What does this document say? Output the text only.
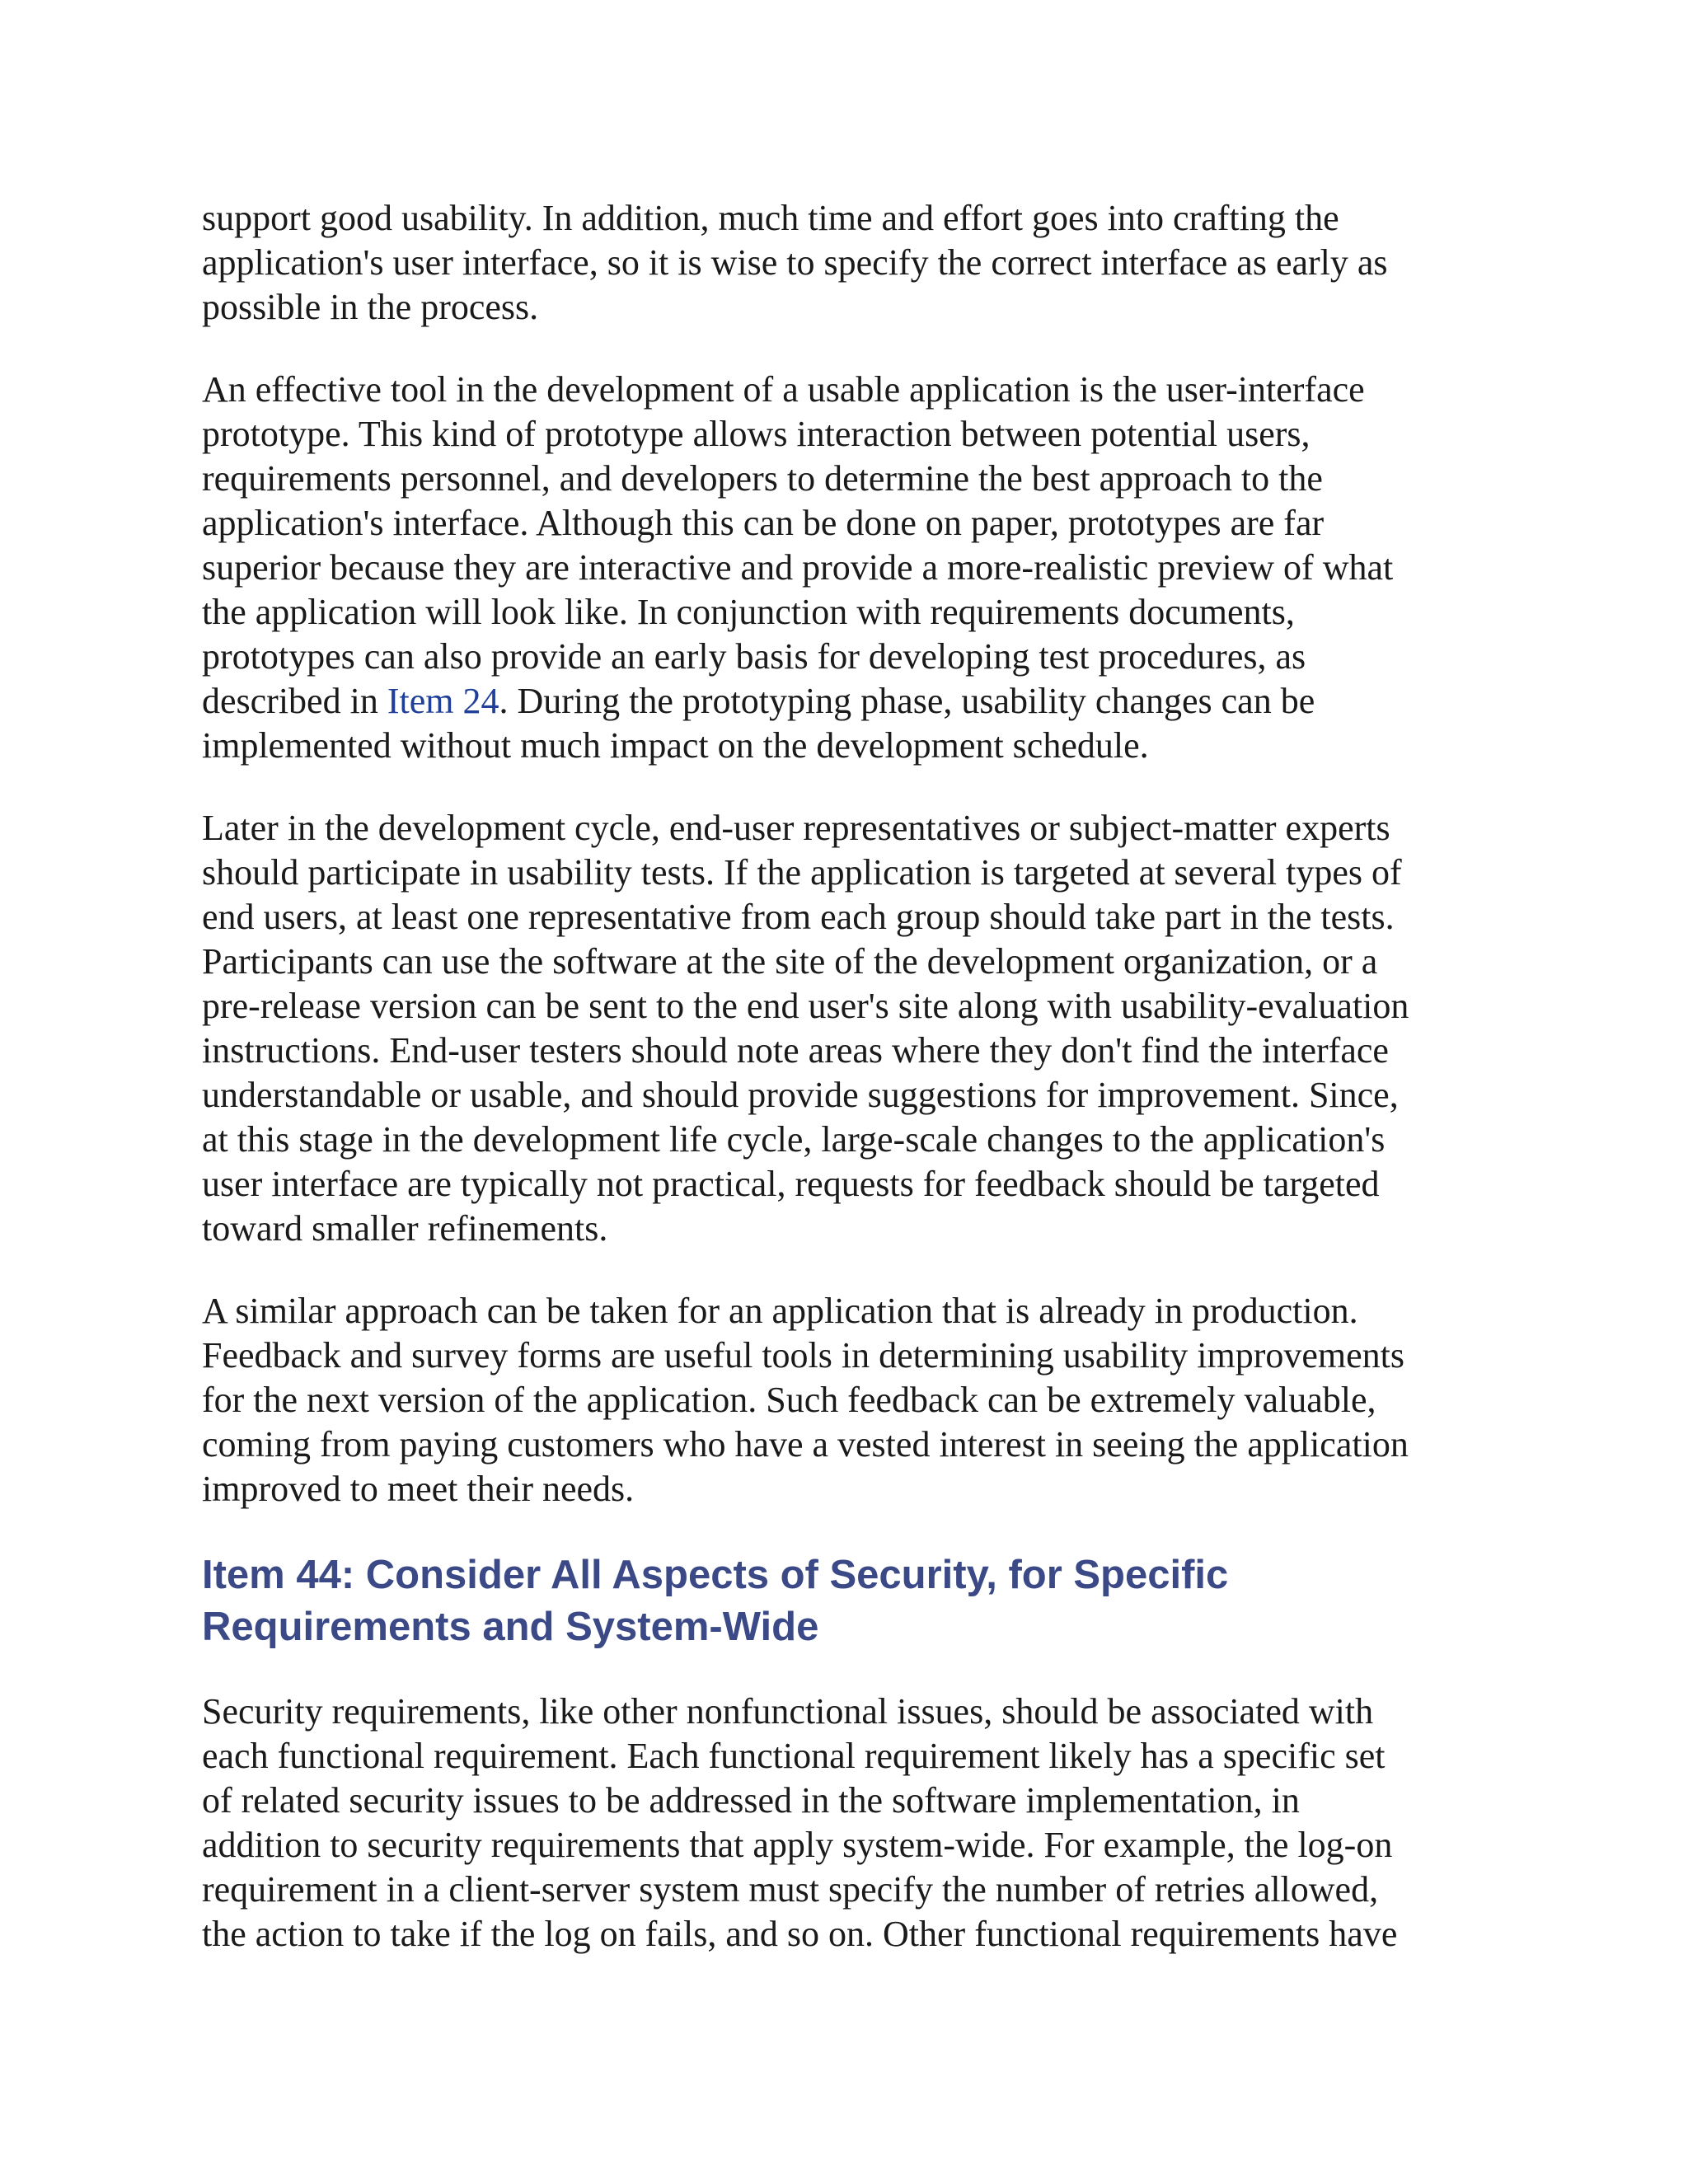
support good usability. In addition, much time and effort goes into crafting the
application's user interface, so it is wise to specify the correct interface as early as
possible in the process.

An effective tool in the development of a usable application is the user-interface
prototype. This kind of prototype allows interaction between potential users,
requirements personnel, and developers to determine the best approach to the
application's interface. Although this can be done on paper, prototypes are far
superior because they are interactive and provide a more-realistic preview of what
the application will look like. In conjunction with requirements documents,
prototypes can also provide an early basis for developing test procedures, as
described in Item 24. During the prototyping phase, usability changes can be
implemented without much impact on the development schedule.

Later in the development cycle, end-user representatives or subject-matter experts
should participate in usability tests. If the application is targeted at several types of
end users, at least one representative from each group should take part in the tests.
Participants can use the software at the site of the development organization, or a
pre-release version can be sent to the end user's site along with usability-evaluation
instructions. End-user testers should note areas where they don't find the interface
understandable or usable, and should provide suggestions for improvement. Since,
at this stage in the development life cycle, large-scale changes to the application's
user interface are typically not practical, requests for feedback should be targeted
toward smaller refinements.

A similar approach can be taken for an application that is already in production.
Feedback and survey forms are useful tools in determining usability improvements
for the next version of the application. Such feedback can be extremely valuable,
coming from paying customers who have a vested interest in seeing the application
improved to meet their needs.

Item 44: Consider All Aspects of Security, for Specific
Requirements and System-Wide

Security requirements, like other nonfunctional issues, should be associated with
each functional requirement. Each functional requirement likely has a specific set
of related security issues to be addressed in the software implementation, in
addition to security requirements that apply system-wide. For example, the log-on
requirement in a client-server system must specify the number of retries allowed,
the action to take if the log on fails, and so on. Other functional requirements have
